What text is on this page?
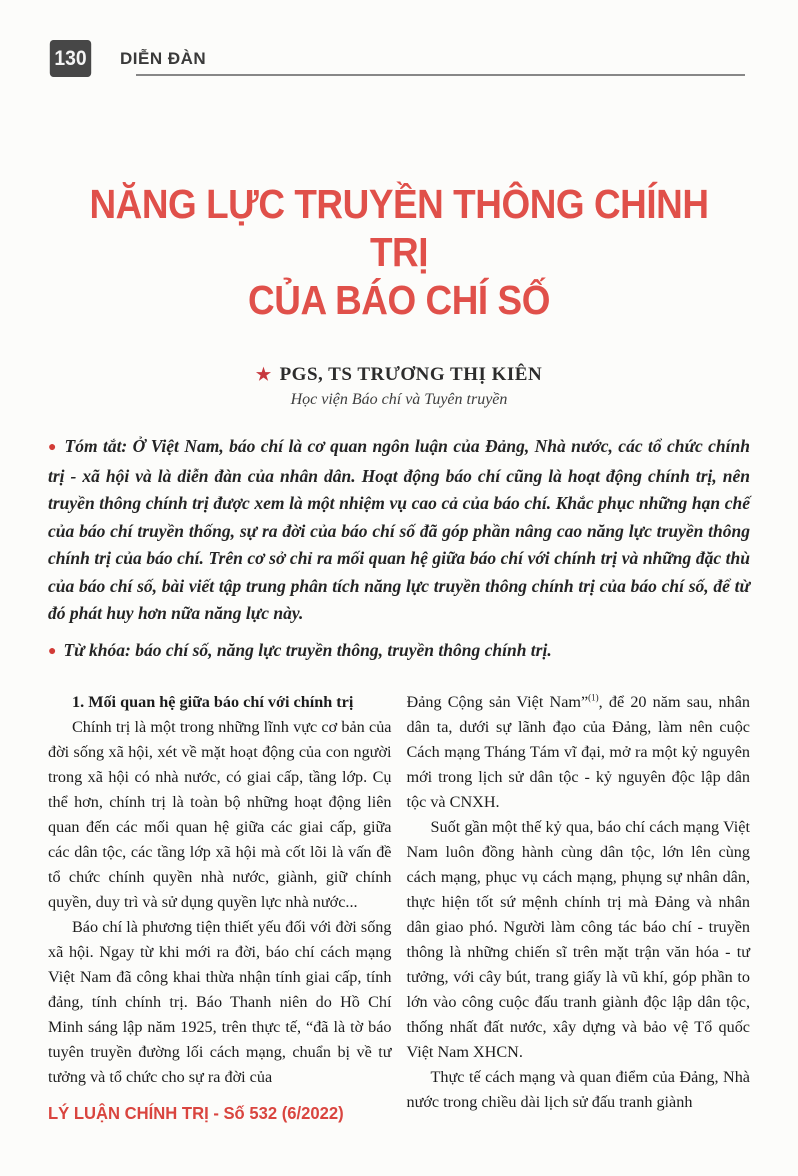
130 DIỄN ĐÀN
NĂNG LỰC TRUYỀN THÔNG CHÍNH TRỊ
CỦA BÁO CHÍ SỐ
★ PGS, TS TRƯƠNG THỊ KIÊN
Học viện Báo chí và Tuyên truyền
● Tóm tắt: Ở Việt Nam, báo chí là cơ quan ngôn luận của Đảng, Nhà nước, các tổ chức chính trị - xã hội và là diễn đàn của nhân dân. Hoạt động báo chí cũng là hoạt động chính trị, nên truyền thông chính trị được xem là một nhiệm vụ cao cả của báo chí. Khắc phục những hạn chế của báo chí truyền thống, sự ra đời của báo chí số đã góp phần nâng cao năng lực truyền thông chính trị của báo chí. Trên cơ sở chỉ ra mối quan hệ giữa báo chí với chính trị và những đặc thù của báo chí số, bài viết tập trung phân tích năng lực truyền thông chính trị của báo chí số, để từ đó phát huy hơn nữa năng lực này.
● Từ khóa: báo chí số, năng lực truyền thông, truyền thông chính trị.
1. Mối quan hệ giữa báo chí với chính trị

Chính trị là một trong những lĩnh vực cơ bản của đời sống xã hội, xét về mặt hoạt động của con người trong xã hội có nhà nước, có giai cấp, tầng lớp. Cụ thể hơn, chính trị là toàn bộ những hoạt động liên quan đến các mối quan hệ giữa các giai cấp, giữa các dân tộc, các tầng lớp xã hội mà cốt lõi là vấn đề tổ chức chính quyền nhà nước, giành, giữ chính quyền, duy trì và sử dụng quyền lực nhà nước...

Báo chí là phương tiện thiết yếu đối với đời sống xã hội. Ngay từ khi mới ra đời, báo chí cách mạng Việt Nam đã công khai thừa nhận tính giai cấp, tính đảng, tính chính trị. Báo Thanh niên do Hồ Chí Minh sáng lập năm 1925, trên thực tế, “đã là tờ báo tuyên truyền đường lối cách mạng, chuẩn bị về tư tưởng và tổ chức cho sự ra đời của

Đảng Cộng sản Việt Nam”$^{(1)}$, để 20 năm sau, nhân dân ta, dưới sự lãnh đạo của Đảng, làm nên cuộc Cách mạng Tháng Tám vĩ đại, mở ra một kỷ nguyên mới trong lịch sử dân tộc - kỷ nguyên độc lập dân tộc và CNXH.

Suốt gần một thế kỷ qua, báo chí cách mạng Việt Nam luôn đồng hành cùng dân tộc, lớn lên cùng cách mạng, phục vụ cách mạng, phụng sự nhân dân, thực hiện tốt sứ mệnh chính trị mà Đảng và nhân dân giao phó. Người làm công tác báo chí - truyền thông là những chiến sĩ trên mặt trận văn hóa - tư tưởng, với cây bút, trang giấy là vũ khí, góp phần to lớn vào công cuộc đấu tranh giành độc lập dân tộc, thống nhất đất nước, xây dựng và bảo vệ Tổ quốc Việt Nam XHCN.

Thực tế cách mạng và quan điểm của Đảng, Nhà nước trong chiều dài lịch sử đấu tranh giành

LÝ LUẬN CHÍNH TRỊ - Số 532 (6/2022)
